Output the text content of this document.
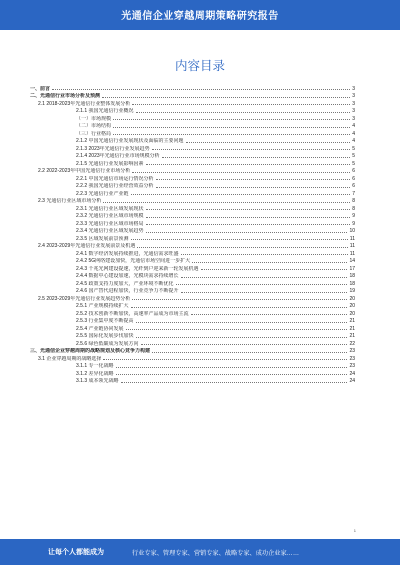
光通信企业穿越周期策略研究报告
内容目录
一、前言	3
二、光通信行业市场分析及预测	3
2.1 2018-2023年光通信行业整体发展分析	3
2.1.1 我国光通信行业概况	3
（一）市场规模	3
（二）市场结构	4
（三）行业格局	4
2.1.2 中国光通信行业发展现状及面临的主要问题	4
2.1.3 2023年光通信行业发展趋势	5
2.1.4 2023年光通信行业市场规模分析	5
2.1.5 光通信行业发展影响因素	5
2.2 2022-2023年中国光通信行业市场分析	6
2.2.1 中国光通信市场运行情况分析	6
2.2.2 我国光通信行业经营效益分析	6
2.2.3 光通信行业产业链	7
2.3 光通信行业区域市场分析	8
2.3.1 光通信行业区域发展现状	8
2.3.2 光通信行业区域市场规模	9
2.3.3 光通信行业区域市场格局	9
2.3.4 光通信行业区域发展趋势	10
2.3.5 区域发展前景预测	11
2.4 2023-2029年光通信行业发展前景及机遇	11
2.4.1 数字经济发展持续推进，光通信需求旺盛	11
2.4.2 5G网络建设加快，光通信市场空间进一步扩大	14
2.4.3 千兆光网建设提速，光纤到户迎来新一轮发展机遇	17
2.4.4 数据中心建设加速，光模块需求持续增长	18
2.4.5 政策支持力度加大，产业环境不断优化	18
2.4.6 国产替代进程加快，行业竞争力不断提升	19
2.5 2023-2029年光通信行业发展趋势分析	20
2.5.1 产业规模持续扩大	20
2.5.2 技术创新不断加快，高速率产品成为市场主流	20
2.5.3 行业集中度不断提高	21
2.5.4 产业链协同发展	21
2.5.5 国际化发展步伐加快	21
2.5.6 绿色低碳成为发展方向	22
三、光通信企业穿越周期的战略规划及核心竞争力构建	23
3.1 企业穿越周期的战略选择	23
3.1.1 专一化战略	23
3.1.2 差异化战略	24
3.1.3 成本领先战略	24
1
让每个人都能成为	行业专家、管理专家、营销专家、战略专家、成功企业家……
